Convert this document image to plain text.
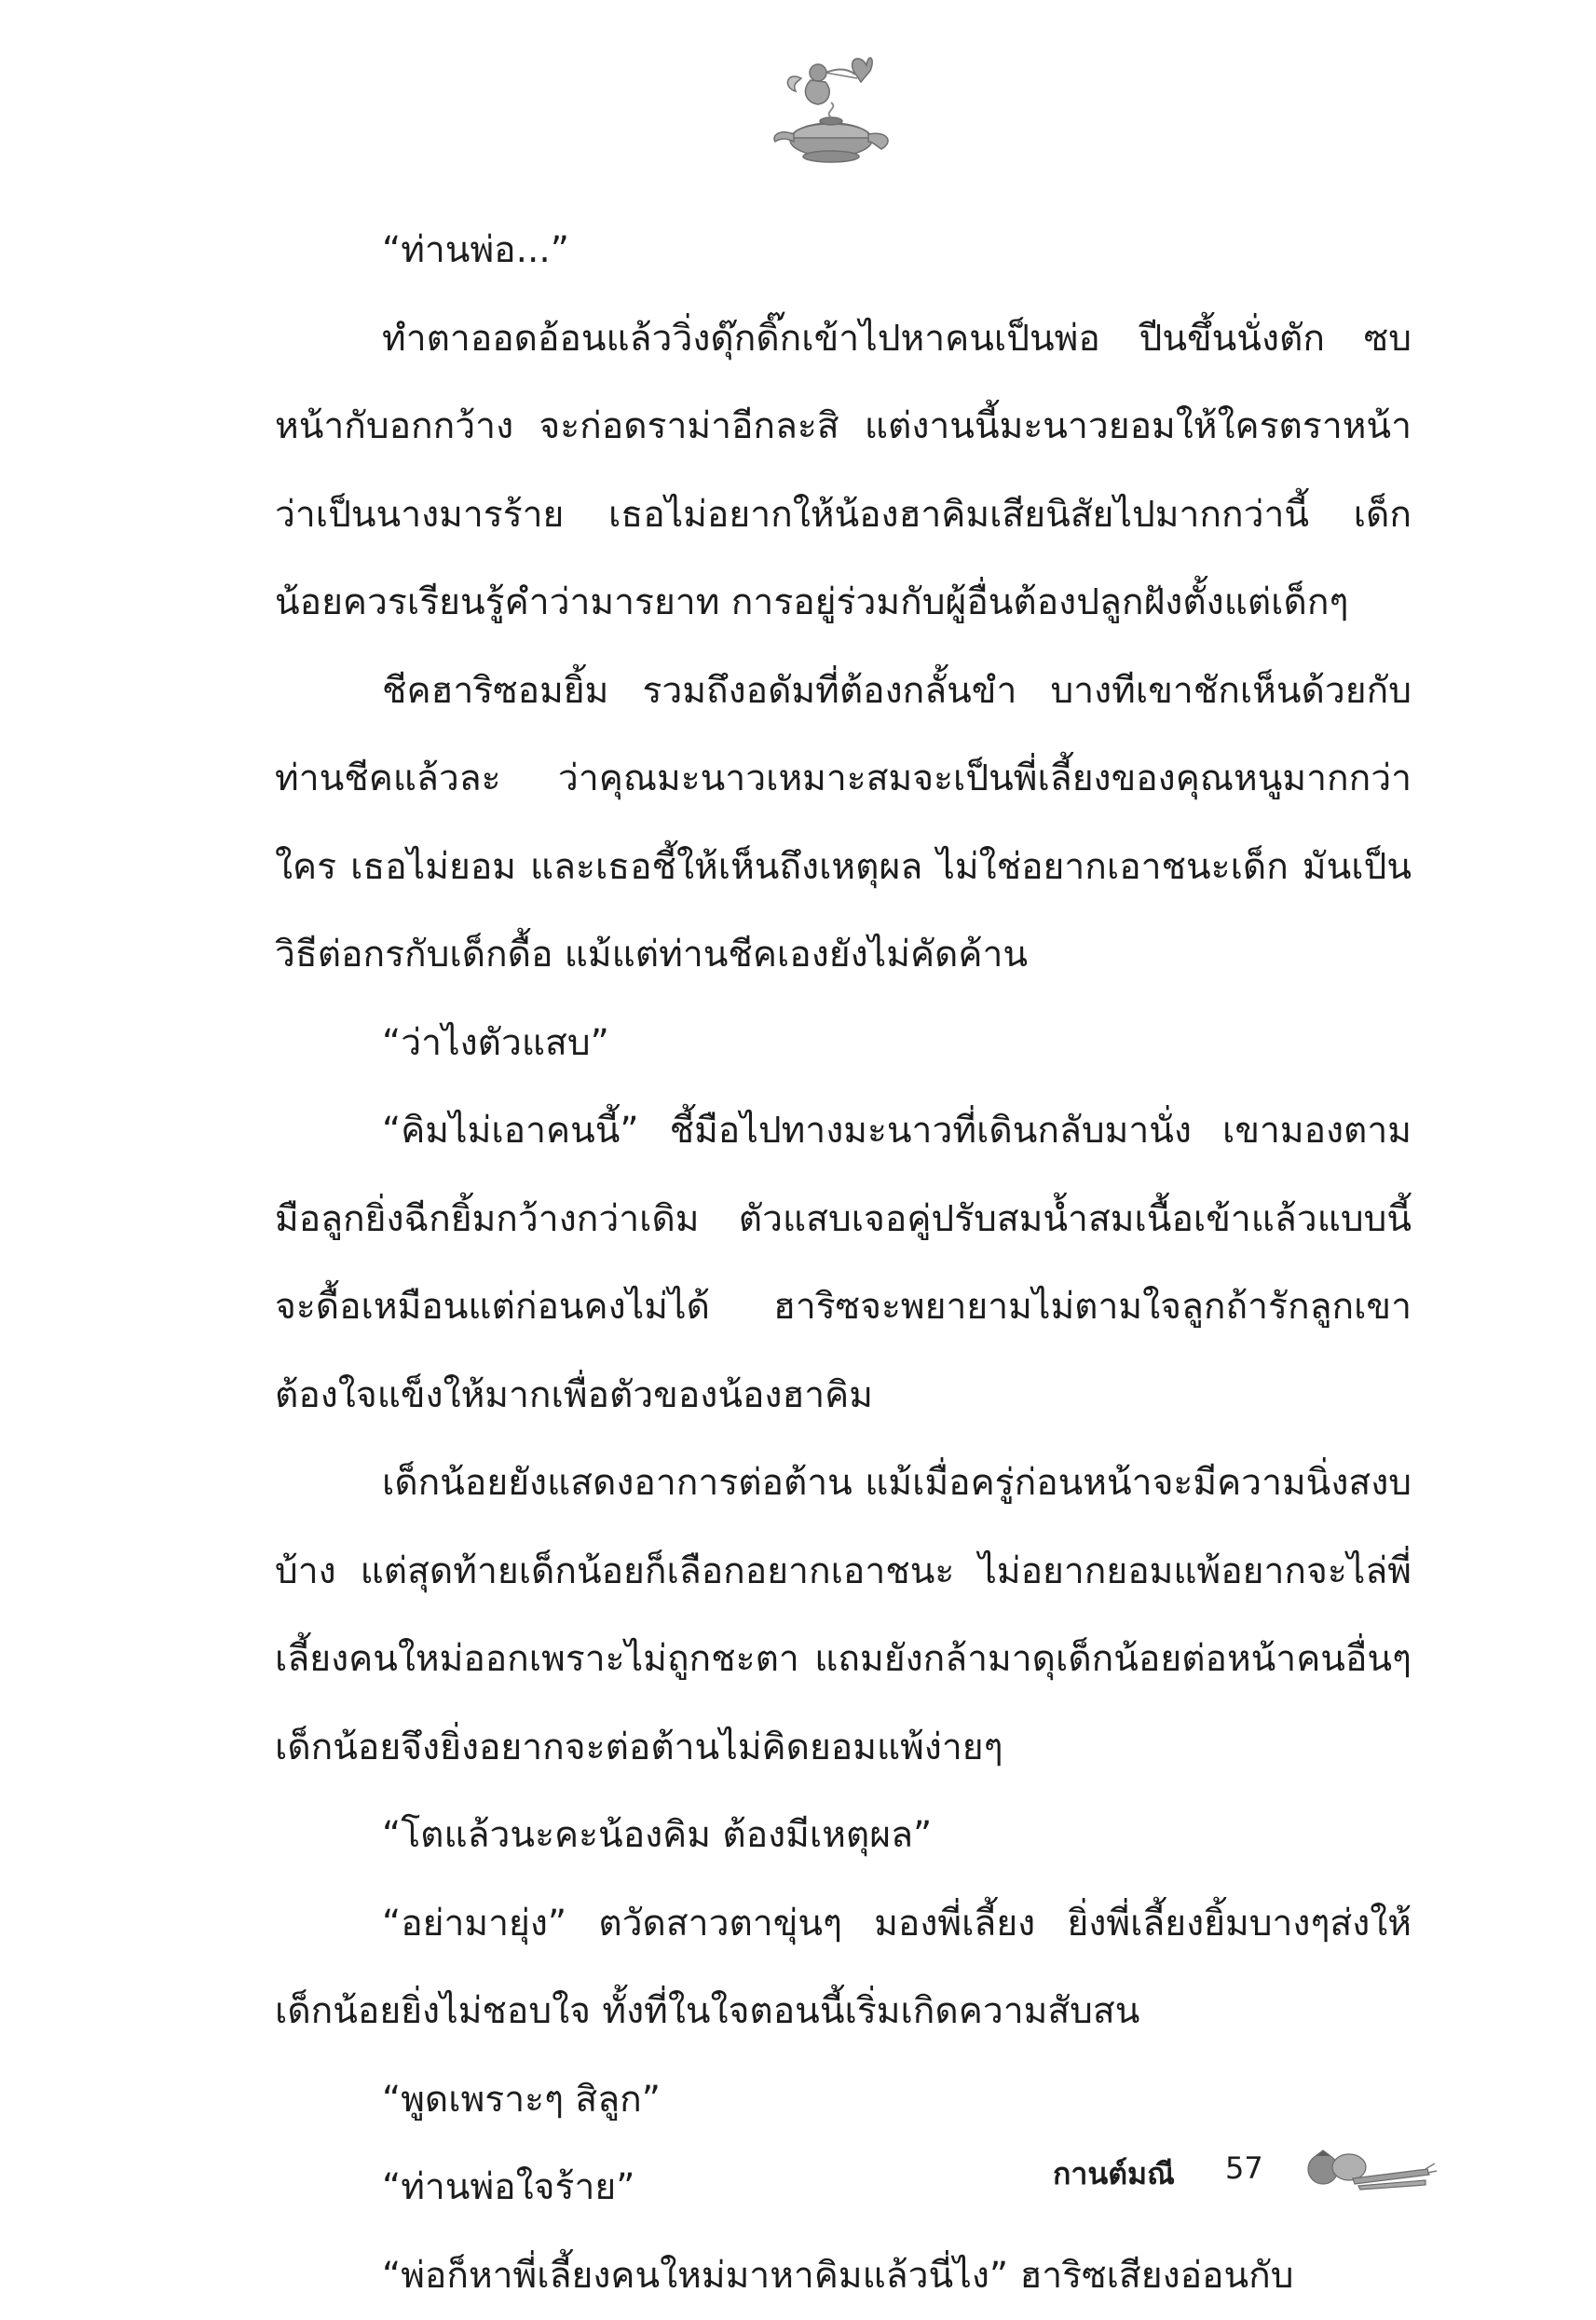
“ท่านพ่อ...”

ทำตาออดอ้อนแล้ววิ่งดุ๊กดิ๊กเข้าไปหาคนเป็นพ่อ ปีนขึ้นนั่งตัก ซบหน้ากับอกกว้าง จะก่อดราม่าอีกละสิ แต่งานนี้มะนาวยอมให้ใครตราหน้าว่าเป็นนางมารร้าย เธอไม่อยากให้น้องฮาคิมเสียนิสัยไปมากกว่านี้ เด็กน้อยควรเรียนรู้คำว่ามารยาท การอยู่ร่วมกับผู้อื่นต้องปลูกฝังตั้งแต่เด็กๆ

ชีคฮาริซอมยิ้ม รวมถึงอดัมที่ต้องกลั้นขำ บางทีเขาชักเห็นด้วยกับท่านชีคแล้วละ ว่าคุณมะนาวเหมาะสมจะเป็นพี่เลี้ยงของคุณหนูมากกว่าใคร เธอไม่ยอม และเธอชี้ให้เห็นถึงเหตุผล ไม่ใช่อยากเอาชนะเด็ก มันเป็นวิธีต่อกรกับเด็กดื้อ แม้แต่ท่านชีคเองยังไม่คัดค้าน

“ว่าไงตัวแสบ”

“คิมไม่เอาคนนี้” ชี้มือไปทางมะนาวที่เดินกลับมานั่ง เขามองตามมือลูกยิ่งฉีกยิ้มกว้างกว่าเดิม ตัวแสบเจอคู่ปรับสมน้ำสมเนื้อเข้าแล้วแบบนี้จะดื้อเหมือนแต่ก่อนคงไม่ได้ ฮาริซจะพยายามไม่ตามใจลูกถ้ารักลูกเขาต้องใจแข็งให้มากเพื่อตัวของน้องฮาคิม

เด็กน้อยยังแสดงอาการต่อต้าน แม้เมื่อครู่ก่อนหน้าจะมีความนิ่งสงบบ้าง แต่สุดท้ายเด็กน้อยก็เลือกอยากเอาชนะ ไม่อยากยอมแพ้อยากจะไล่พี่เลี้ยงคนใหม่ออกเพราะไม่ถูกชะตา แถมยังกล้ามาดุเด็กน้อยต่อหน้าคนอื่นๆ เด็กน้อยจึงยิ่งอยากจะต่อต้านไม่คิดยอมแพ้ง่ายๆ

“โตแล้วนะคะน้องคิม ต้องมีเหตุผล”

“อย่ามายุ่ง” ตวัดสาวตาขุ่นๆ มองพี่เลี้ยง ยิ่งพี่เลี้ยงยิ้มบางๆส่งให้ เด็กน้อยยิ่งไม่ชอบใจ ทั้งที่ในใจตอนนี้เริ่มเกิดความสับสน

“พูดเพราะๆ สิลูก”

“ท่านพ่อใจร้าย”

“พ่อก็หาพี่เลี้ยงคนใหม่มาหาคิมแล้วนี่ไง” ฮาริซเสียงอ่อนกับ

กานต์มณี 57
